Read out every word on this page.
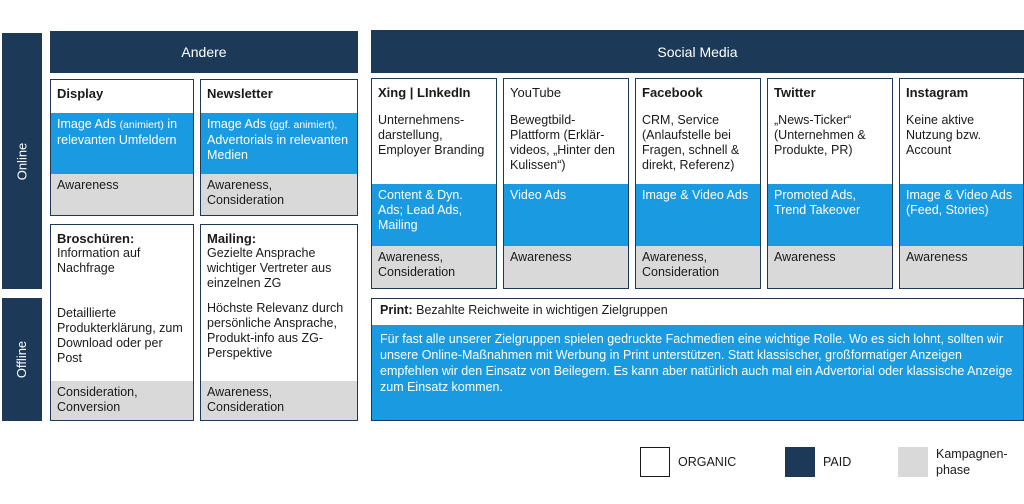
Online
Offline
Andere	Social Media
Display
Image Ads (animiert) in relevanten Umfeldern
Awareness
Newsletter
Image Ads (ggf. animiert), Advertorials in relevanten Medien
Awareness,
Consideration
Broschüren:
Information auf Nachfrage
Detaillierte Produkterklärung, zum Download oder per Post
Consideration,
Conversion
Mailing:
Gezielte Ansprache wichtiger Vertreter aus einzelnen ZG
Höchste Relevanz durch persönliche Ansprache, Produkt-info aus ZG-Perspektive
Awareness,
Consideration
Xing | LInkedIn
Unternehmens-darstellung, Employer Branding
Content & Dyn. Ads; Lead Ads, Mailing
Awareness,
Consideration
YouTube
Bewegtbild-Plattform (Erklär-videos, „Hinter den Kulissen“)
Video Ads
Awareness
Facebook
CRM, Service (Anlaufstelle bei Fragen, schnell & direkt, Referenz)
Image & Video Ads
Awareness,
Consideration
Twitter
„News-Ticker“ (Unternehmen & Produkte, PR)
Promoted Ads, Trend Takeover
Awareness
Instagram
Keine aktive Nutzung bzw. Account
Image & Video Ads (Feed, Stories)
Awareness
Print: Bezahlte Reichweite in wichtigen Zielgruppen
Für fast alle unserer Zielgruppen spielen gedruckte Fachmedien eine wichtige Rolle. Wo es sich lohnt, sollten wir unsere Online-Maßnahmen mit Werbung in Print unterstützen. Statt klassischer, großformatiger Anzeigen empfehlen wir den Einsatz von Beilegern. Es kann aber natürlich auch mal ein Advertorial oder klassische Anzeige zum Einsatz kommen.
ORGANIC	PAID
Kampagnen-
phase
